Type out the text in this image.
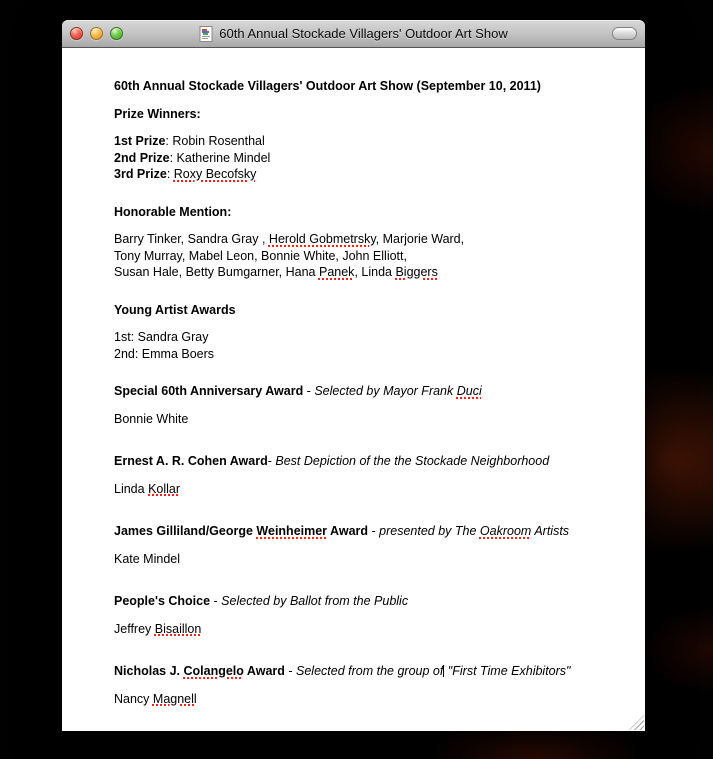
60th Annual Stockade Villagers' Outdoor Art Show

60th Annual Stockade Villagers' Outdoor Art Show (September 10, 2011)

Prize Winners:

1st Prize: Robin Rosenthal

2nd Prize: Katherine Mindel

3rd Prize: Roxy Becofsky

Honorable Mention:

Barry Tinker, Sandra Gray , Herold Gobmetrsky, Marjorie Ward,

Tony Murray, Mabel Leon, Bonnie White, John Elliott,

Susan Hale, Betty Bumgarner, Hana Panek, Linda Biggers

Young Artist Awards

1st: Sandra Gray

2nd: Emma Boers

Special 60th Anniversary Award - Selected by Mayor Frank Duci

Bonnie White

Ernest A. R. Cohen Award- Best Depiction of the the Stockade Neighborhood

Linda Kollar

James Gilliland/George Weinheimer Award - presented by The Oakroom Artists

Kate Mindel

People's Choice - Selected by Ballot from the Public

Jeffrey Bisaillon

Nicholas J. Colangelo Award - Selected from the group of "First Time Exhibitors"

Nancy Magnell
